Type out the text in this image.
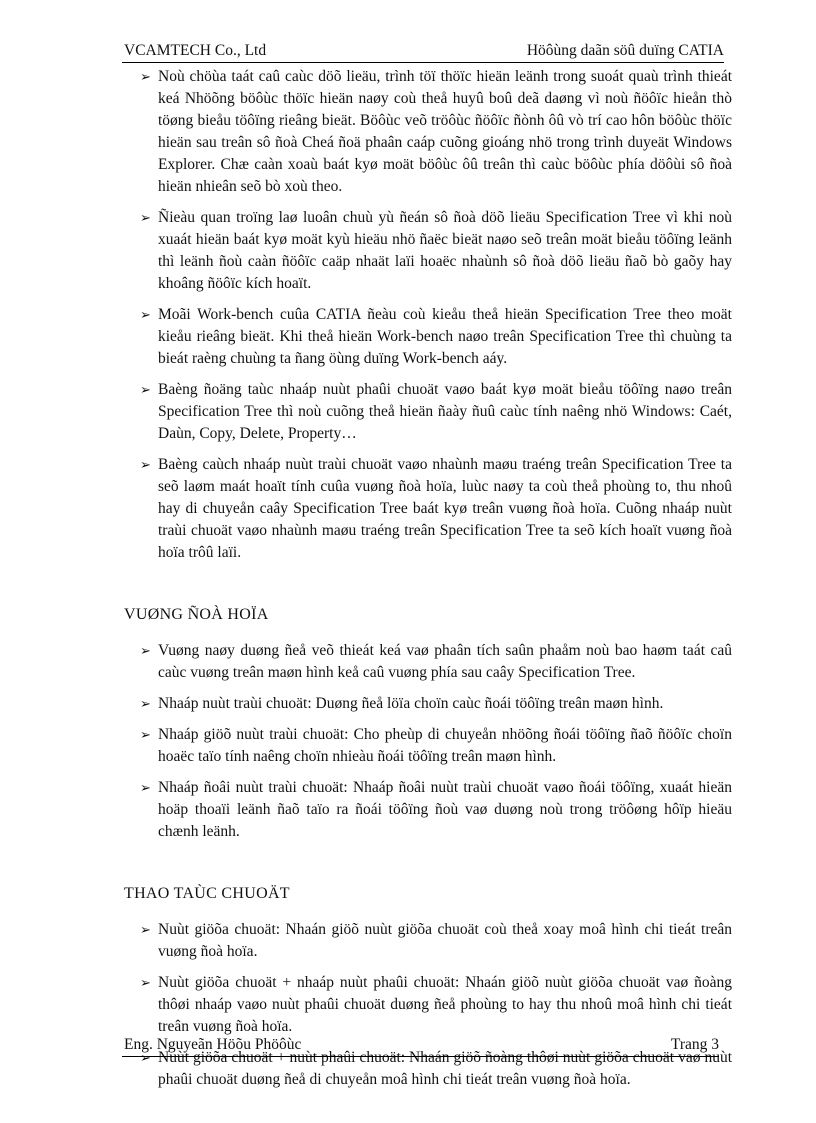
VCAMTECH Co., Ltd	Höôùng daãn söû duïng CATIA
➢ Noù chöùa taát caû caùc döõ lieäu, trình töï thöïc hieän leänh trong suoát quaù trình thieát keá Nhöõng böôùc thöïc hieän naøy coù theå huyû boû deã daøng vì noù ñöôïc hieån thò töøng bieåu töôïng rieâng bieät. Böôùc veõ tröôùc ñöôïc ñònh ôû vò trí cao hôn böôùc thöïc hieän sau treân sô ñoà Cheá ñoä phaân caáp cuõng gioáng nhö trong trình duyeät Windows Explorer. Chæ caàn xoaù baát kyø moät böôùc ôû treân thì caùc böôùc phía döôùi sô ñoà hieän nhieân seõ bò xoù theo.
➢ Ñieàu quan troïng laø luoân chuù yù ñeán sô ñoà döõ lieäu Specification Tree vì khi noù xuaát hieän baát kyø moät kyù hieäu nhö ñaëc bieät naøo seõ treân moät bieåu töôïng leänh thì leänh ñoù caàn ñöôïc caäp nhaät laïi hoaëc nhaùnh sô ñoà döõ lieäu ñaõ bò gaõy hay khoâng ñöôïc kích hoaït.
➢ Moãi Work-bench cuûa CATIA ñeàu coù kieåu theå hieän Specification Tree theo moät kieåu rieâng bieät. Khi theå hieän Work-bench naøo treân Specification Tree thì chuùng ta bieát raèng chuùng ta ñang öùng duïng Work-bench aáy.
➢ Baèng ñoäng taùc nhaáp nuùt phaûi chuoät vaøo baát kyø moät bieåu töôïng naøo treân Specification Tree thì noù cuõng theå hieän ñaày ñuû caùc tính naêng nhö Windows: Caét, Daùn, Copy, Delete, Property…
➢ Baèng caùch nhaáp nuùt traùi chuoät vaøo nhaùnh maøu traéng treân Specification Tree ta seõ laøm maát hoaït tính cuûa vuøng ñoà hoïa, luùc naøy ta coù theå phoùng to, thu nhoû hay di chuyeån caây Specification Tree baát kyø treân vuøng ñoà hoïa. Cuõng nhaáp nuùt traùi chuoät vaøo nhaùnh maøu traéng treân Specification Tree ta seõ kích hoaït vuøng ñoà hoïa trôû laïi.
VUØNG ÑOÀ HOÏA
➢ Vuøng naøy duøng ñeå veõ thieát keá vaø phaân tích saûn phaåm noù bao haøm taát caû caùc vuøng treân maøn hình keå caû vuøng phía sau caây Specification Tree.
➢ Nhaáp nuùt traùi chuoät: Duøng ñeå löïa choïn caùc ñoái töôïng treân maøn hình.
➢ Nhaáp giöõ nuùt traùi chuoät: Cho pheùp di chuyeån nhöõng ñoái töôïng ñaõ ñöôïc choïn hoaëc taïo tính naêng choïn nhieàu ñoái töôïng treân maøn hình.
➢ Nhaáp ñoâi nuùt traùi chuoät: Nhaáp ñoâi nuùt traùi chuoät vaøo ñoái töôïng, xuaát hieän hoäp thoaïi leänh ñaõ taïo ra ñoái töôïng ñoù vaø duøng noù trong tröôøng hôïp hieäu chænh leänh.
THAO TAÙC CHUOÄT
➢ Nuùt giöõa chuoät: Nhaán giöõ nuùt giöõa chuoät coù theå xoay moâ hình chi tieát treân vuøng ñoà hoïa.
➢ Nuùt giöõa chuoät + nhaáp nuùt phaûi chuoät: Nhaán giöõ nuùt giöõa chuoät vaø ñoàng thôøi nhaáp vaøo nuùt phaûi chuoät duøng ñeå phoùng to hay thu nhoû moâ hình chi tieát treân vuøng ñoà hoïa.
➢ Nuùt giöõa chuoät + nuùt phaûi chuoät: Nhaán giöõ ñoàng thôøi nuùt giöõa chuoät vaø nuùt phaûi chuoät duøng ñeå di chuyeån moâ hình chi tieát treân vuøng ñoà hoïa.
Eng. Nguyeãn Höõu Phöôùc	Trang 3
